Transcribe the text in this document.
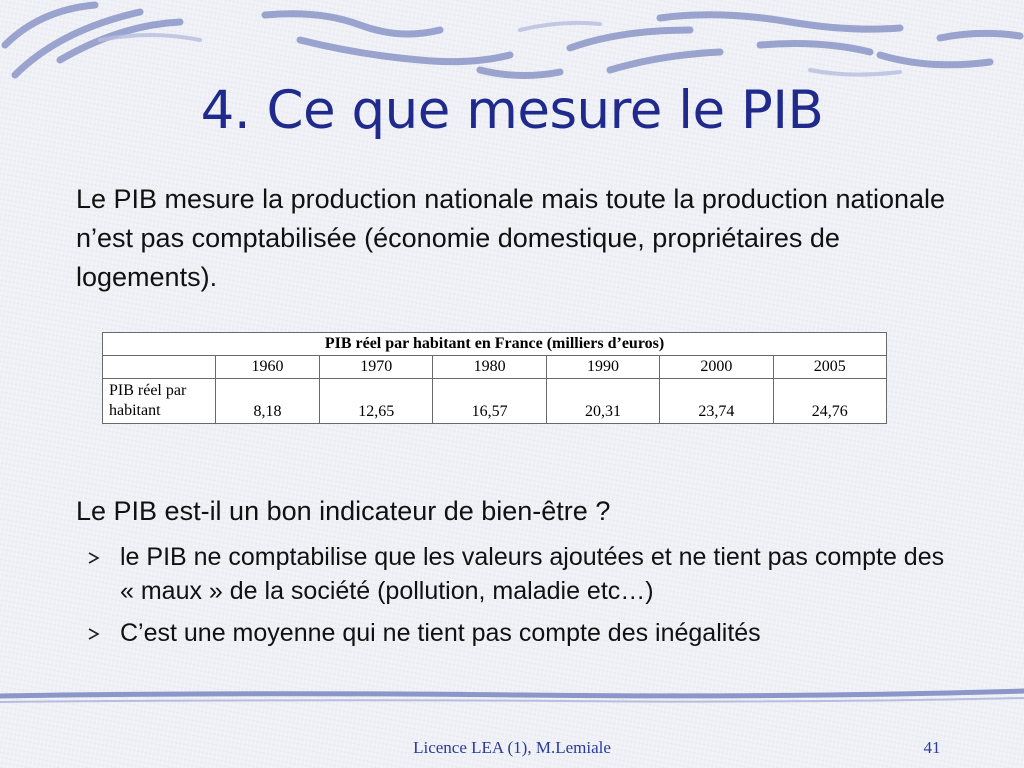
4. Ce que mesure le PIB

Le PIB mesure la production nationale mais toute la production nationale n’est pas comptabilisée (économie domestique, propriétaires de logements).

PIB réel par habitant en France (milliers d’euros)						
	1960	1970	1980	1990	2000	2005
PIB réel par habitant	8,18	12,65	16,57	20,31	23,74	24,76

Le PIB est-il un bon indicateur de bien-être ?

le PIB ne comptabilise que les valeurs ajoutées et ne tient pas compte des « maux » de la société (pollution, maladie etc…)
C’est une moyenne qui ne tient pas compte des inégalités
Licence LEA (1), M.Lemiale	41
